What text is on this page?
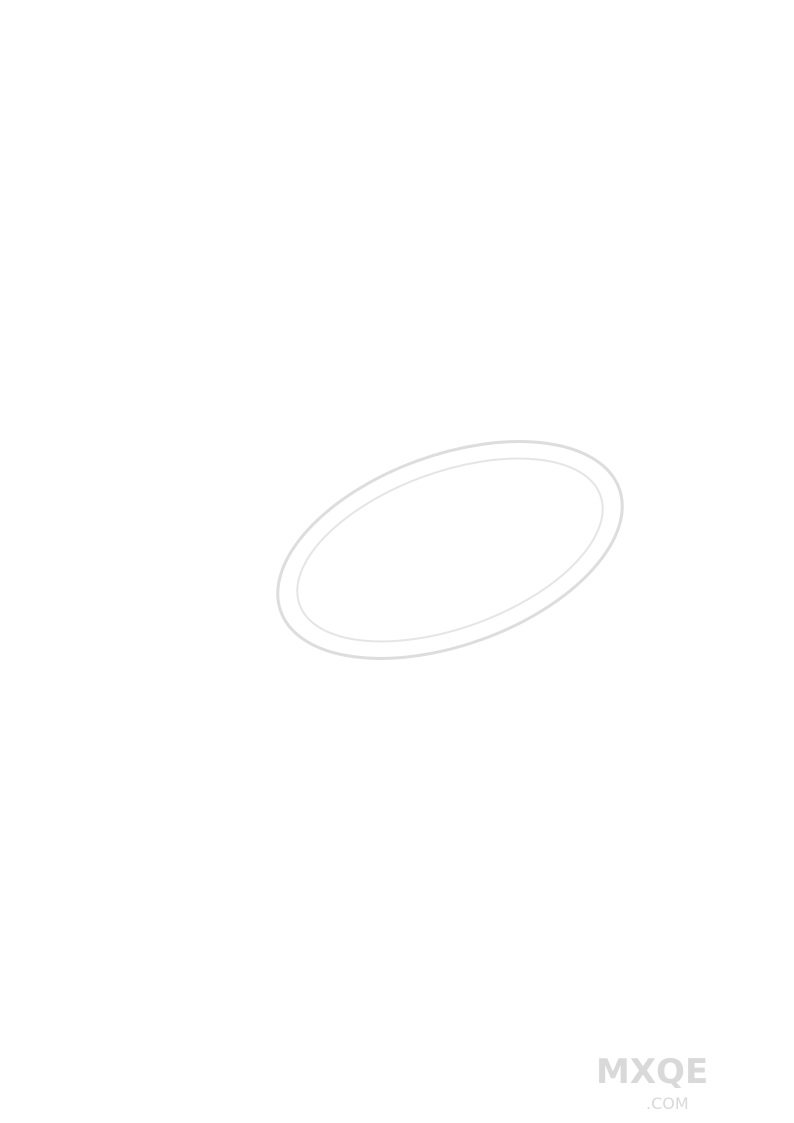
MXQE
.COM
